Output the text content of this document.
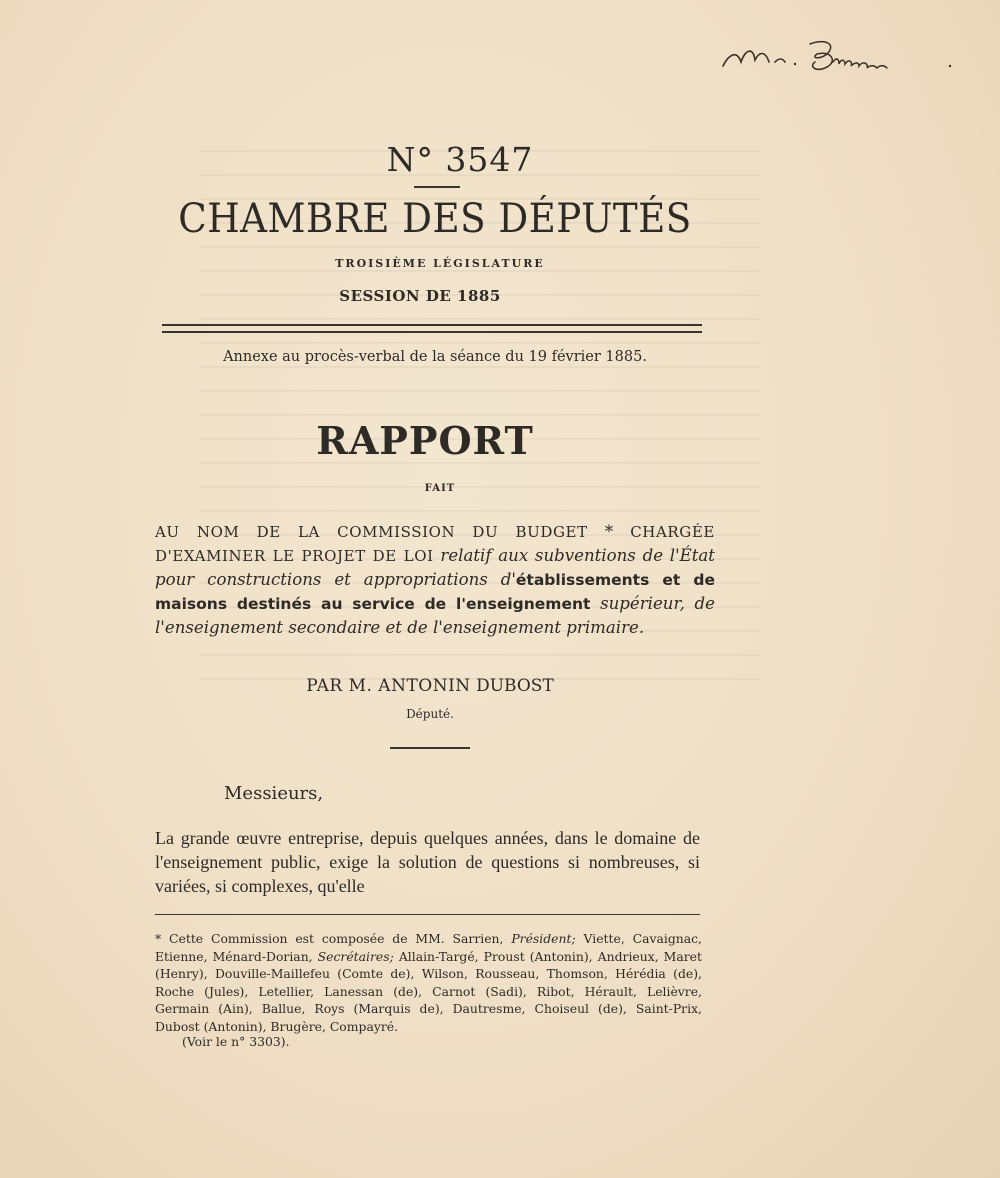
N° 3547
CHAMBRE DES DÉPUTÉS
TROISIÈME LÉGISLATURE
SESSION DE 1885
Annexe au procès-verbal de la séance du 19 février 1885.
RAPPORT
FAIT
AU NOM DE LA COMMISSION DU BUDGET * CHARGÉE D'EXAMINER LE PROJET DE LOI relatif aux subventions de l'État pour constructions et appropriations d'établissements et de maisons destinés au service de l'enseignement supérieur, de l'enseignement secondaire et de l'enseignement primaire.
PAR M. ANTONIN DUBOST
Député.
Messieurs,
La grande œuvre entreprise, depuis quelques années, dans le domaine de l'enseignement public, exige la solution de questions si nombreuses, si variées, si complexes, qu'elle
* Cette Commission est composée de MM. Sarrien, Président; Viette, Cavaignac, Etienne, Ménard-Dorian, Secrétaires; Allain-Targé, Proust (Antonin), Andrieux, Maret (Henry), Douville-Maillefeu (Comte de), Wilson, Rousseau, Thomson, Hérédia (de), Roche (Jules), Letellier, Lanessan (de), Carnot (Sadi), Ribot, Hérault, Lelièvre, Germain (Ain), Ballue, Roys (Marquis de), Dautresme, Choiseul (de), Saint-Prix, Dubost (Antonin), Brugère, Compayré.
(Voir le n° 3303).
